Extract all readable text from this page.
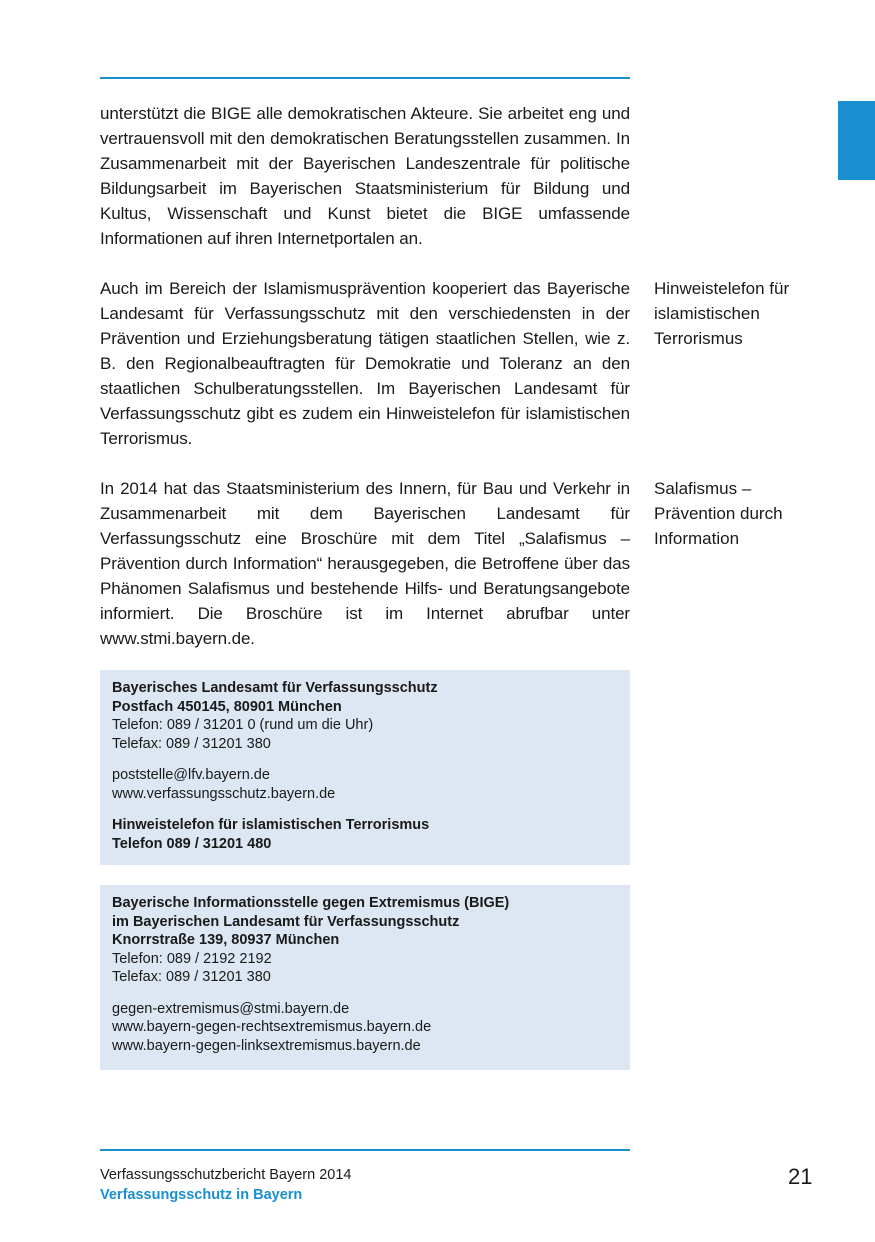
unterstützt die BIGE alle demokratischen Akteure. Sie arbeitet eng und vertrauensvoll mit den demokratischen Beratungsstellen zusammen. In Zusammenarbeit mit der Bayerischen Landeszentrale für politische Bildungsarbeit im Bayerischen Staatsministerium für Bildung und Kultus, Wissenschaft und Kunst bietet die BIGE umfassende Informationen auf ihren Internetportalen an.

Auch im Bereich der Islamismusprävention kooperiert das Bayerische Landesamt für Verfassungsschutz mit den verschiedensten in der Prävention und Erziehungsberatung tätigen staatlichen Stellen, wie z. B. den Regionalbeauftragten für Demokratie und Toleranz an den staatlichen Schulberatungsstellen. Im Bayerischen Landesamt für Verfassungsschutz gibt es zudem ein Hinweistelefon für islamistischen Terrorismus.

In 2014 hat das Staatsministerium des Innern, für Bau und Verkehr in Zusammenarbeit mit dem Bayerischen Landesamt für Verfassungsschutz eine Broschüre mit dem Titel „Salafismus – Prävention durch Information“ herausgegeben, die Betroffene über das Phänomen Salafismus und bestehende Hilfs- und Beratungsangebote informiert. Die Broschüre ist im Internet abrufbar unter www.stmi.bayern.de.

Hinweistelefon für islamistischen Terrorismus

Salafismus – Prävention durch Information

Bayerisches Landesamt für Verfassungsschutz
Postfach 450145, 80901 München
Telefon: 089 / 31201 0 (rund um die Uhr)
Telefax: 089 / 31201 380
poststelle@lfv.bayern.de
www.verfassungsschutz.bayern.de
Hinweistelefon für islamistischen Terrorismus
Telefon 089 / 31201 480
Bayerische Informationsstelle gegen Extremismus (BIGE)
im Bayerischen Landesamt für Verfassungsschutz
Knorrstraße 139, 80937 München
Telefon: 089 / 2192 2192
Telefax: 089 / 31201 380
gegen-extremismus@stmi.bayern.de
www.bayern-gegen-rechtsextremismus.bayern.de
www.bayern-gegen-linksextremismus.bayern.de
Verfassungsschutzbericht Bayern 2014
Verfassungsschutz in Bayern
21
